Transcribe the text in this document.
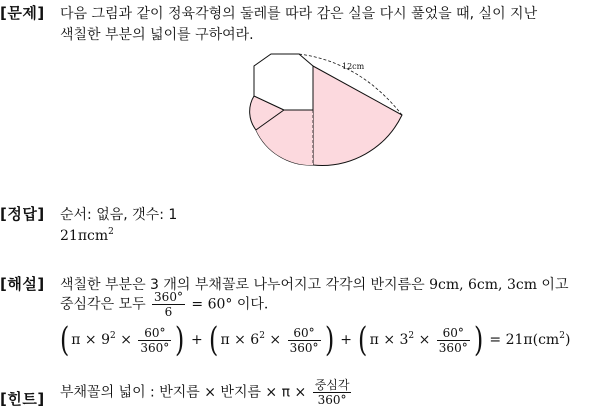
[문제] 다음 그림과 같이 정육각형의 둘레를 따라 감은 실을 다시 풀었을 때, 실이 지난
색칠한 부분의 넓이를 구하여라.
12cm
[정답] 순서: 없음, 갯수: 1
21πcm$^2$
[해설] 색칠한 부분은 3 개의 부채꼴로 나누어지고 각각의 반지름은 9cm, 6cm, 3cm 이고
중심각은 모두 $\frac{360^\circ}{6} = 60^\circ$ 이다.
( $\pi \times 9^2 \times \frac{60^\circ}{360^\circ}$ ) + ( $\pi \times 6^2 \times \frac{60^\circ}{360^\circ}$ ) + ( $\pi \times 3^2 \times \frac{60^\circ}{360^\circ}$ ) = $21\pi(cm^2)$
[힌트] 부채꼴의 넓이 : 반지름 × 반지름 × $\pi \times \frac{\text{중심각}}{360^\circ}$
